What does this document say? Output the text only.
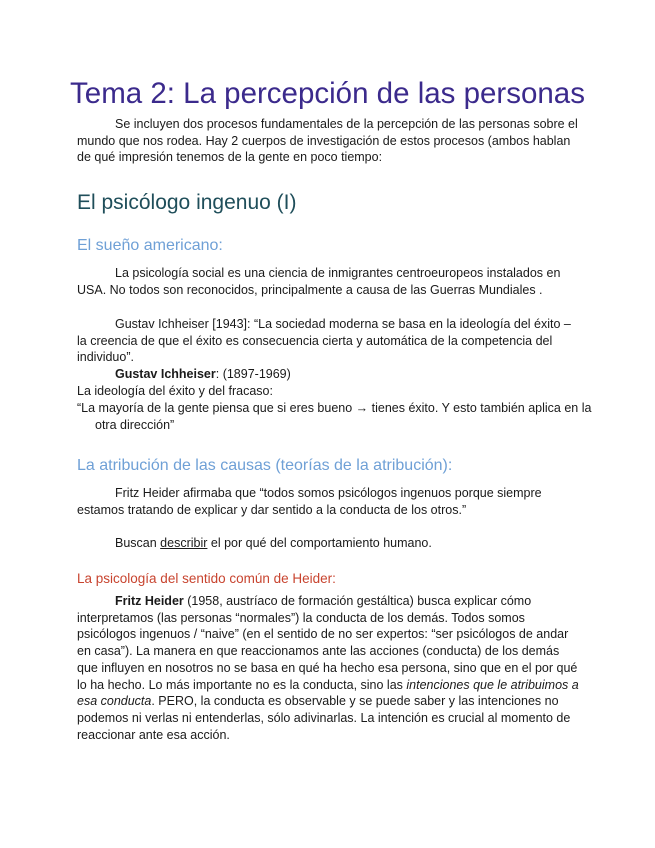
Tema 2: La percepción de las personas

Se incluyen dos procesos fundamentales de la percepción de las personas sobre el mundo que nos rodea. Hay 2 cuerpos de investigación de estos procesos (ambos hablan de qué impresión tenemos de la gente en poco tiempo:

El psicólogo ingenuo (I)
El sueño americano:

La psicología social es una ciencia de inmigrantes centroeuropeos instalados en USA. No todos son reconocidos, principalmente a causa de las Guerras Mundiales .

Gustav Ichheiser [1943]: “La sociedad moderna se basa en la ideología del éxito – la creencia de que el éxito es consecuencia cierta y automática de la competencia del individuo”.

Gustav Ichheiser: (1897-1969)

La ideología del éxito y del fracaso:

“La mayoría de la gente piensa que si eres bueno → tienes éxito. Y esto también aplica en la otra dirección”

La atribución de las causas (teorías de la atribución):

Fritz Heider afirmaba que “todos somos psicólogos ingenuos porque siempre estamos tratando de explicar y dar sentido a la conducta de los otros.”

Buscan describir el por qué del comportamiento humano.

La psicología del sentido común de Heider:

Fritz Heider (1958, austríaco de formación gestáltica) busca explicar cómo interpretamos (las personas “normales”) la conducta de los demás. Todos somos psicólogos ingenuos / “naive” (en el sentido de no ser expertos: “ser psicólogos de andar en casa”). La manera en que reaccionamos ante las acciones (conducta) de los demás que influyen en nosotros no se basa en qué ha hecho esa persona, sino que en el por qué lo ha hecho. Lo más importante no es la conducta, sino las intenciones que le atribuimos a esa conducta. PERO, la conducta es observable y se puede saber y las intenciones no podemos ni verlas ni entenderlas, sólo adivinarlas. La intención es crucial al momento de reaccionar ante esa acción.
